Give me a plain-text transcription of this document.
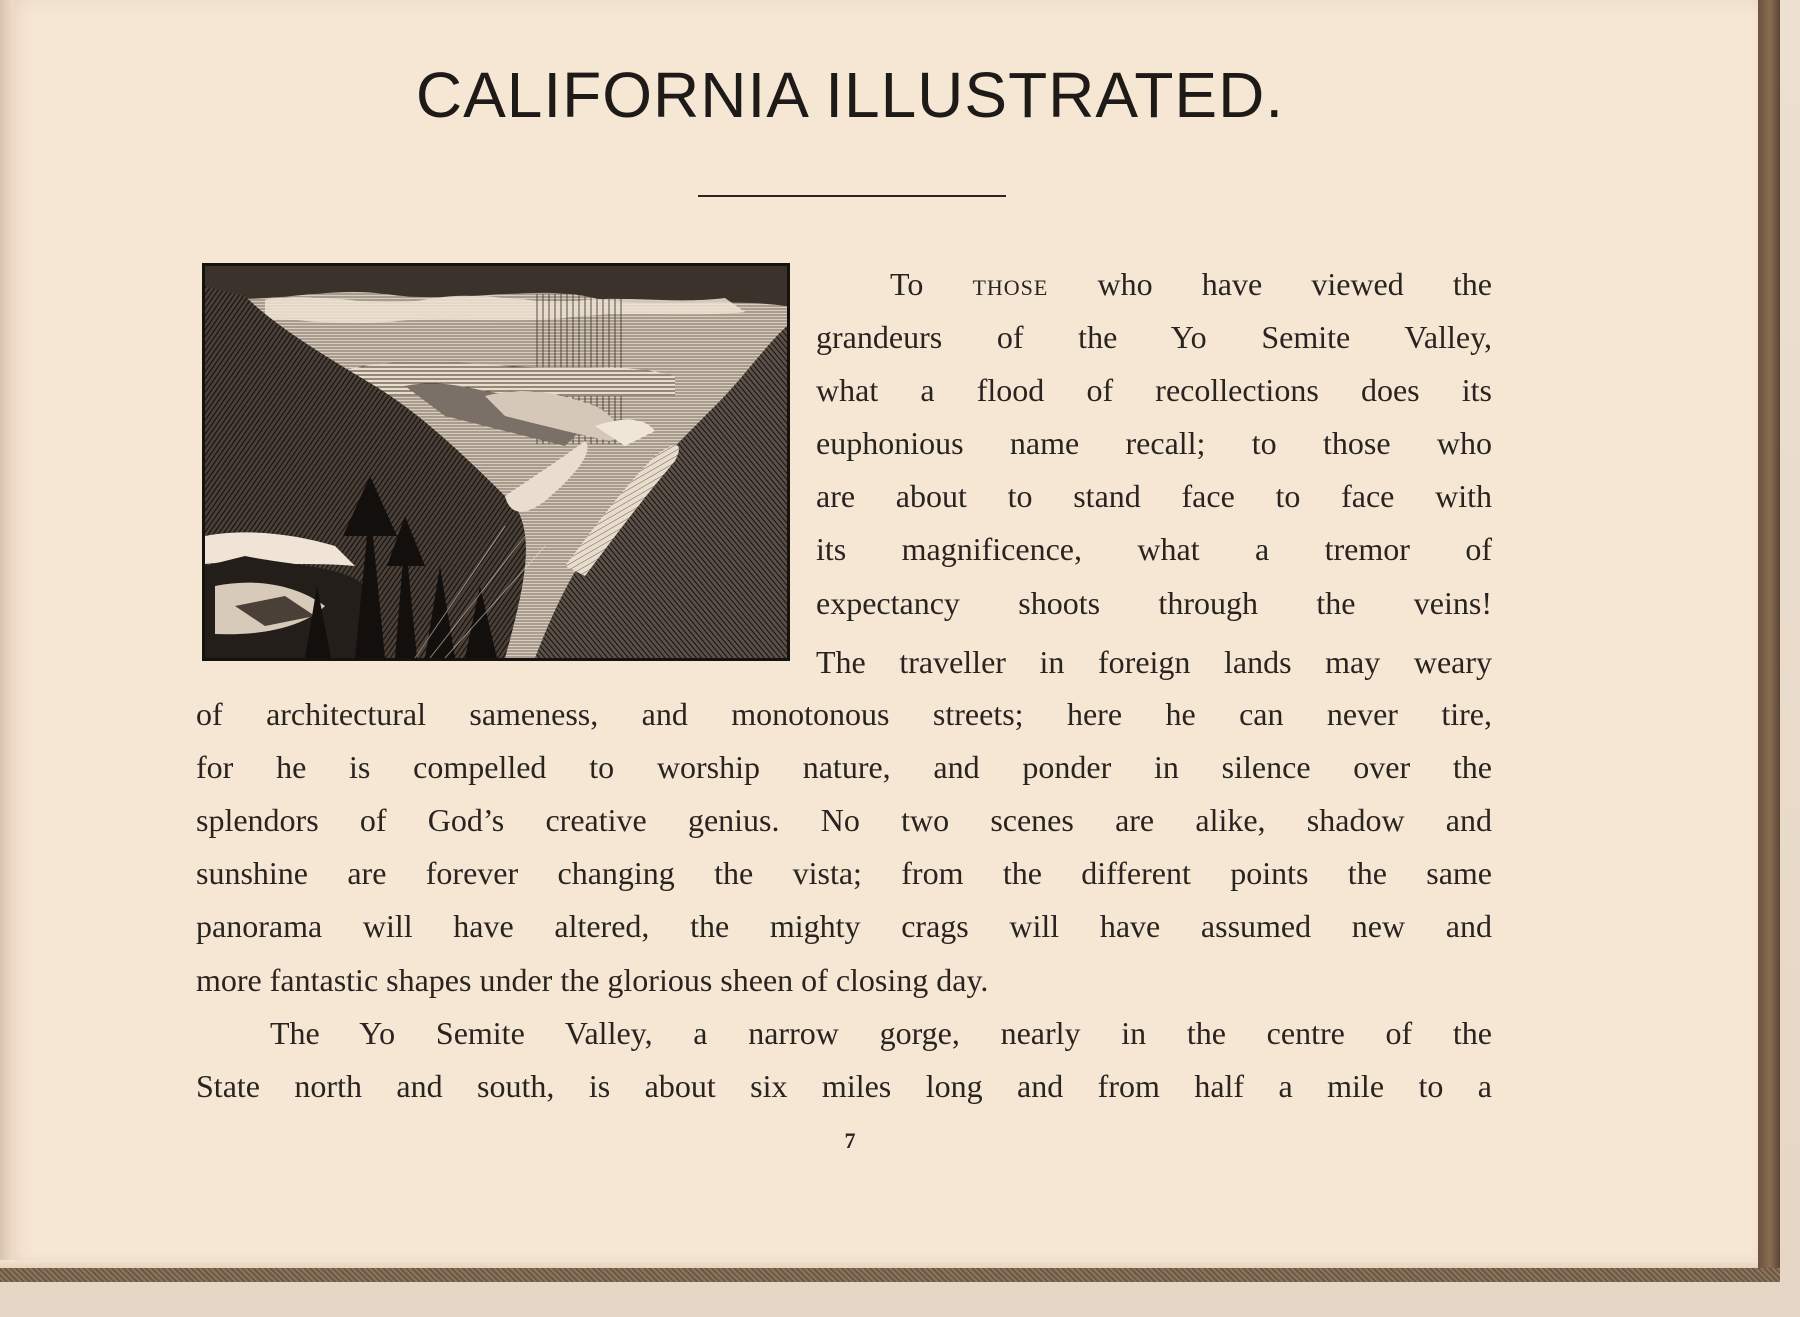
CALIFORNIA ILLUSTRATED.
To those who have viewed the
grandeurs of the Yo Semite Valley,
what a flood of recollections does its
euphonious name recall; to those who
are about to stand face to face with
its magnificence, what a tremor of
expectancy shoots through the veins!
The traveller in foreign lands may weary
of architectural sameness, and monotonous streets; here he can never tire,
for he is compelled to worship nature, and ponder in silence over the
splendors of God’s creative genius. No two scenes are alike, shadow and
sunshine are forever changing the vista; from the different points the same
panorama will have altered, the mighty crags will have assumed new and
more fantastic shapes under the glorious sheen of closing day.
The Yo Semite Valley, a narrow gorge, nearly in the centre of the
State north and south, is about six miles long and from half a mile to a
7
